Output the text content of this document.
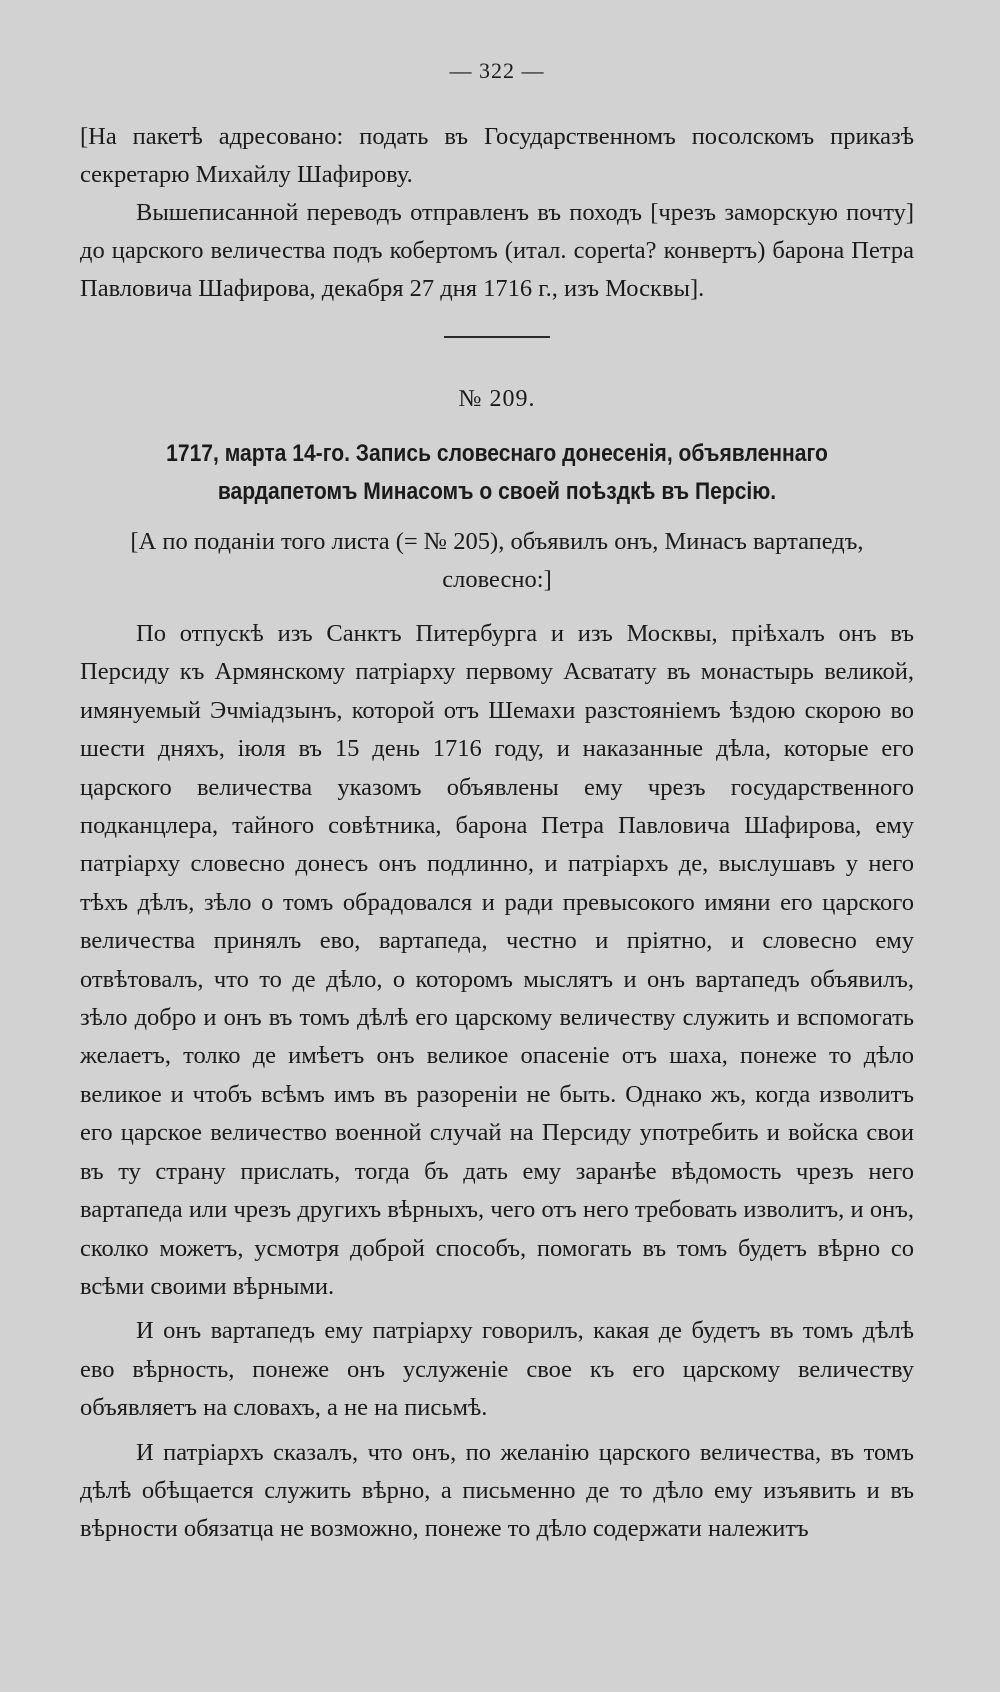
— 322 —

[На пакетѣ адресовано: подать въ Государственномъ посолскомъ приказѣ секретарю Михайлу Шафирову.

Вышеписанной переводъ отправленъ въ походъ [чрезъ заморскую почту] до царского величества подъ кобертомъ (итал. coperta? конвертъ) барона Петра Павловича Шафирова, декабря 27 дня 1716 г., изъ Москвы].

№ 209.

1717, марта 14-го. Запись словеснаго донесенія, объявленнаго вардапетомъ Минасомъ о своей поѣздкѣ въ Персію.

[А по поданіи того листа (= № 205), объявилъ онъ, Минасъ вартапедъ, словесно:]

По отпускѣ изъ Санктъ Питербурга и изъ Москвы, пріѣхалъ онъ въ Персиду къ Армянскому патріарху первому Асватату въ монастырь великой, имянуемый Эчміадзынъ, которой отъ Шемахи разстояніемъ ѣздою скорою во шести дняхъ, іюля въ 15 день 1716 году, и наказанные дѣла, которые его царского величества указомъ объявлены ему чрезъ государственного подканцлера, тайного совѣтника, барона Петра Павловича Шафирова, ему патріарху словесно донесъ онъ подлинно, и патріархъ де, выслушавъ у него тѣхъ дѣлъ, зѣло о томъ обрадовался и ради превысокого имяни его царского величества принялъ ево, вартапеда, честно и пріятно, и словесно ему отвѣтовалъ, что то де дѣло, о которомъ мыслятъ и онъ вартапедъ объявилъ, зѣло добро и онъ въ томъ дѣлѣ его царскому величеству служить и вспомогать желаетъ, толко де имѣетъ онъ великое опасеніе отъ шаха, понеже то дѣло великое и чтобъ всѣмъ имъ въ разореніи не быть. Однако жъ, когда изволитъ его царское величество военной случай на Персиду употребить и войска свои въ ту страну прислать, тогда бъ дать ему заранѣе вѣдомость чрезъ него вартапеда или чрезъ другихъ вѣрныхъ, чего отъ него требовать изволитъ, и онъ, сколко можетъ, усмотря доброй способъ, помогать въ томъ будетъ вѣрно со всѣми своими вѣрными.

И онъ вартапедъ ему патріарху говорилъ, какая де будетъ въ томъ дѣлѣ ево вѣрность, понеже онъ услуженіе свое къ его царскому величеству объявляетъ на словахъ, а не на письмѣ.

И патріархъ сказалъ, что онъ, по желанію царского величества, въ томъ дѣлѣ обѣщается служить вѣрно, а письменно де то дѣло ему изъявить и въ вѣрности обязатца не возможно, понеже то дѣло содержати належитъ
